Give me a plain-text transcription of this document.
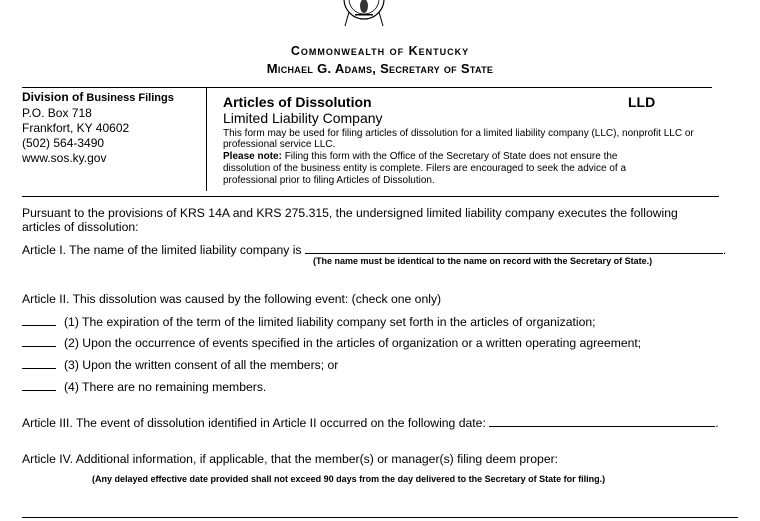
Commonwealth of Kentucky
Michael G. Adams, Secretary of State
Division of Business Filings
P.O. Box 718
Frankfort, KY 40602
(502) 564-3490
www.sos.ky.gov
Articles of Dissolution	LLD
Limited Liability Company
This form may be used for filing articles of dissolution for a limited liability company (LLC), nonprofit LLC or
professional service LLC.
Please note: Filing this form with the Office of the Secretary of State does not ensure the
dissolution of the business entity is complete. Filers are encouraged to seek the advice of a
professional prior to filing Articles of Dissolution.
Pursuant to the provisions of KRS 14A and KRS 275.315, the undersigned limited liability company executes the following
articles of dissolution:
Article I. The name of the limited liability company is	.
(The name must be identical to the name on record with the Secretary of State.)
Article II. This dissolution was caused by the following event: (check one only)
(1) The expiration of the term of the limited liability company set forth in the articles of organization;
(2) Upon the occurrence of events specified in the articles of organization or a written operating agreement;
(3) Upon the written consent of all the members; or
(4) There are no remaining members.
Article III. The event of dissolution identified in Article II occurred on the following date:	.
Article IV. Additional information, if applicable, that the member(s) or manager(s) filing deem proper:
(Any delayed effective date provided shall not exceed 90 days from the day delivered to the Secretary of State for filing.)
